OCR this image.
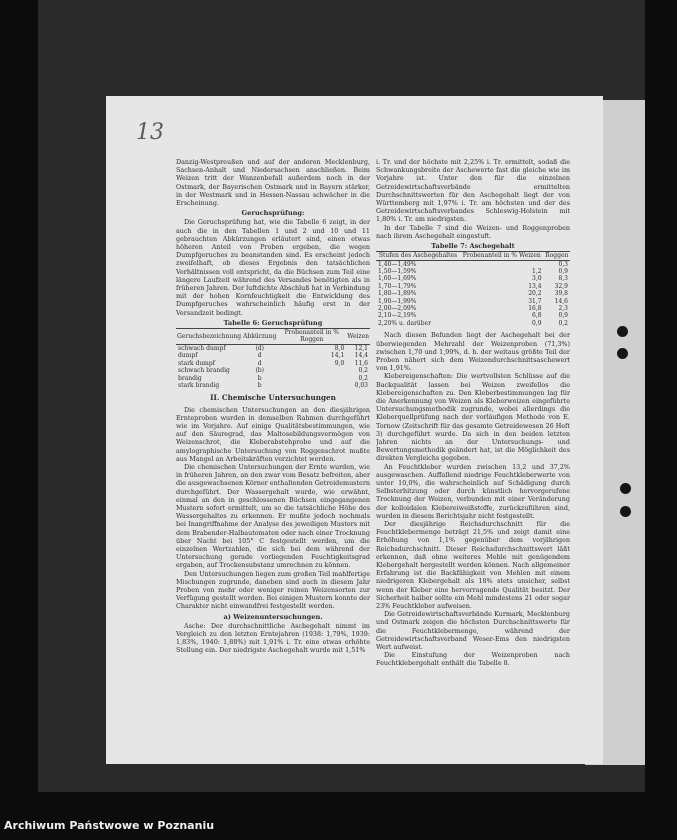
13

Danzig-Westpreußen und auf der anderen Mecklenburg, Sachsen-Anhalt und Niedersachsen anschließen. Beim Weizen tritt der Wanzenbefall außerdem noch in der Ostmark, der Bayerischen Ostmark und in Bayern stärker, in der Westmark und in Hessen-Nassau schwächer in die Erscheinung.

Geruchsprüfung:

Die Geruchsprüfung hat, wie die Tabelle 6 zeigt, in der auch die in den Tabellen 1 und 2 und 10 und 11 gebrauchten Abkürzungen erläutert sind, einen etwas höheren Anteil von Proben ergeben, die wegen Dumpfgeruches zu beanstanden sind. Es erscheint jedoch zweifelhaft, ob dieses Ergebnis den tatsächlichen Verhältnissen voll entspricht, da die Büchsen zum Teil eine längere Laufzeit während des Versandes benötigten als in früheren Jahren. Der luftdichte Abschluß hat in Verbindung mit der hohen Kornfeuchtigkeit die Entwicklung des Dumpfgeruches wahrscheinlich häufig erst in der Versandzeit bedingt.

Tabelle 6: Geruchsprüfung
Geruchsbezeichnung	Abkürzung	Probenanteil in % Roggen	Weizen
schwach dumpf	(d)	8,0	12,1
dumpf	d	14,1	14,4
stark dumpf	d	9,0	11,6
schwach brandig	(b)		0,2
brandig	b		0,2
stark brandig	b		0,03
II. Chemische Untersuchungen

Die chemischen Untersuchungen an den diesjährigen Ernteproben wurden in demselben Rahmen durchgeführt wie im Vorjahre. Auf einige Qualitätsbestimmungen, wie auf den Säuregrad, das Maltosebildungsvermögen von Weizenschrot, die Kleberabstehprobe und auf die amylographische Untersuchung von Roggenschrot mußte aus Mangel an Arbeitskräften verzichtet werden.

Die chemischen Untersuchungen der Ernte wurden, wie in früheren Jahren, an den zwar vom Besatz befreiten, aber die ausgewachsenen Körner enthaltenden Getreidemustern durchgeführt. Der Wassergehalt wurde, wie erwähnt, einmal an den in geschlossenen Büchsen eingegangenen Mustern sofort ermittelt, um so die tatsächliche Höhe des Wassergehaltes zu erkennen. Er mußte jedoch nochmals bei Inangriffnahme der Analyse des jeweiligen Musters mit dem Brabender-Halbautomaten oder nach einer Trocknung über Nacht bei 105° C festgestellt werden, um die einzelnen Wertzahlen, die sich bei dem während der Untersuchung gerade vorliegenden Feuchtigkeitsgrad ergaben, auf Trockensubstanz umrechnen zu können.

Den Untersuchungen liegen zum großen Teil mahlfertige Mischungen zugrunde, daneben sind auch in diesem Jahr Proben von mehr oder weniger reinen Weizensorten zur Verfügung gestellt worden. Bei einigen Mustern konnte der Charakter nicht einwandfrei festgestellt werden.

a) Weizenuntersuchungen.

Asche: Der durchschnittliche Aschegehalt nimmt im Vergleich zu den letzten Erntejahren (1938: 1,79%, 1939: 1,83%, 1940: 1,88%) mit 1,91% i. Tr. eine etwas erhöhte Stellung ein. Der niedrigste Aschegehalt wurde mit 1,51%

i. Tr. und der höchste mit 2,25% i. Tr. ermittelt, sodaß die Schwankungsbreite der Aschewerte fast die gleiche wie im Vorjahre ist. Unter den für die einzelnen Getreidewirtschaftsverbände ermittelten Durchschnittswerten für den Aschegehalt liegt der von Württemberg mit 1,97% i. Tr. am höchsten und der des Getreidewirtschaftsverbandes Schleswig-Holstein mit 1,80% i. Tr. am niedrigsten.

In der Tabelle 7 sind die Weizen- und Roggenproben nach ihrem Aschegehalt eingestuft.

Tabelle 7: Aschegehalt
Stufen des Aschegehaltes	Probenanteil in % Weizen	Roggen
1,40—1,49%		0,3
1,50—1,59%	1,2	0,9
1,60—1,69%	3,0	8,3
1,70—1,79%	13,4	32,9
1,80—1,89%	20,2	39,8
1,90—1,99%	31,7	14,6
2,00—2,09%	16,8	2,3
2,10—2,19%	6,8	0,9
2,20% u. darüber	0,9	0,2

Nach diesen Befunden liegt der Aschegehalt bei der überwiegenden Mehrzahl der Weizenproben (71,3%) zwischen 1,70 und 1,99%, d. h. der weitaus größte Teil der Proben nähert sich dem Weizendurchschnittsaschewert von 1,91%.

Klebereigenschaften: Die wertvollsten Schlüsse auf die Backqualität lassen bei Weizen zweifellos die Klebereigenschaften zu. Den Kleberbestimmungen lag für die Anerkennung von Weizen als Kleberweizen eingeführte Untersuchungsmethodik zugrunde, wobei allerdings die Kleberquellprüfung nach der vorläufigen Methode von E. Tornow (Zeitschrift für das gesamte Getreidewesen 26 Heft 3) durchgeführt wurde. Da sich in den beiden letzten Jahren nichts an der Untersuchungs- und Bewertungsmethodik geändert hat, ist die Möglichkeit des direkten Vergleichs gegeben.

An Feuchtkleber wurden zwischen 13,2 und 37,2% ausgewaschen. Auffallend niedrige Feuchtkleberwerte von unter 10,0%, die wahrscheinlich auf Schädigung durch Selbsterhitzung oder durch künstlich hervorgerufene Trocknung der Weizen, verbunden mit einer Veränderung der kolloidalen Klebereiweißstoffe, zurückzuführen sind, wurden in diesem Berichtsjahr nicht festgestellt.

Der diesjährige Reichsdurchschnitt für die Feuchtklebermenge beträgt 21,5% und zeigt damit eine Erhöhung von 1,1% gegenüber dem vorjährigen Reichsdurchschnitt. Dieser Reichsdurchschnittswert läßt erkennen, daß ohne weiteres Mehle mit genügendem Klebergehalt hergestellt werden können. Nach allgemeiner Erfahrung ist die Backfähigkeit von Mehlen mit einem niedrigeren Klebergehalt als 18% stets unsicher, selbst wenn der Kleber eine hervorragende Qualität besitzt. Der Sicherheit halber sollte ein Mehl mindestens 21 oder sogar 23% Feuchtkleber aufweisen.

Die Getreidewirtschaftsverbände Kurmark, Mecklenburg und Ostmark zeigen die höchsten Durchschnittswerte für die Feuchtklebermenge, während der Getreidewirtschaftsverband Weser-Ems den niedrigsten Wert aufweist.

Die Einstufung der Weizenproben nach Feuchtklebergehalt enthält die Tabelle 8.

Archiwum Państwowe w Poznaniu
